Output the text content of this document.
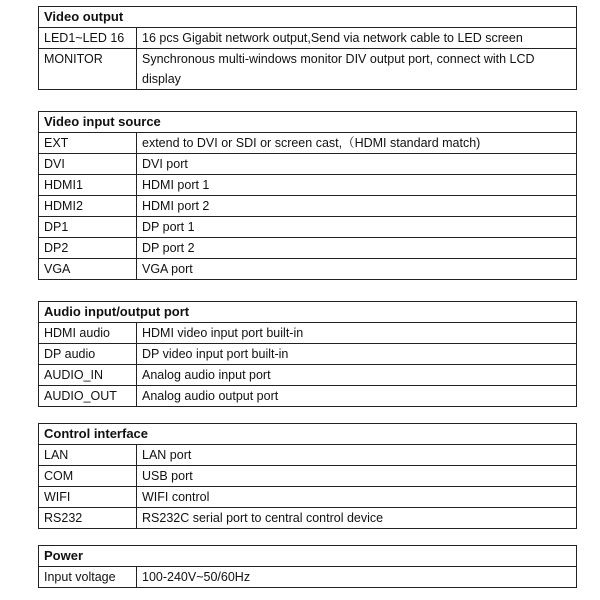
Video output	
LED1~LED 16	16 pcs Gigabit network output,Send via network cable to LED screen
MONITOR	Synchronous multi-windows monitor DIV output port, connect with LCD display
Video input source	
EXT	extend to DVI or SDI or screen cast,（HDMI standard match)
DVI	DVI port
HDMI1	HDMI port 1
HDMI2	HDMI port 2
DP1	DP port 1
DP2	DP port 2
VGA	VGA port
Audio input/output port	
HDMI audio	HDMI video input port built-in
DP audio	DP video input port built-in
AUDIO_IN	Analog audio input port
AUDIO_OUT	Analog audio output port
Control interface	
LAN	LAN port
COM	USB port
WIFI	WIFI control
RS232	RS232C serial port to central control device
Power
Input voltage	100-240V~50/60Hz
